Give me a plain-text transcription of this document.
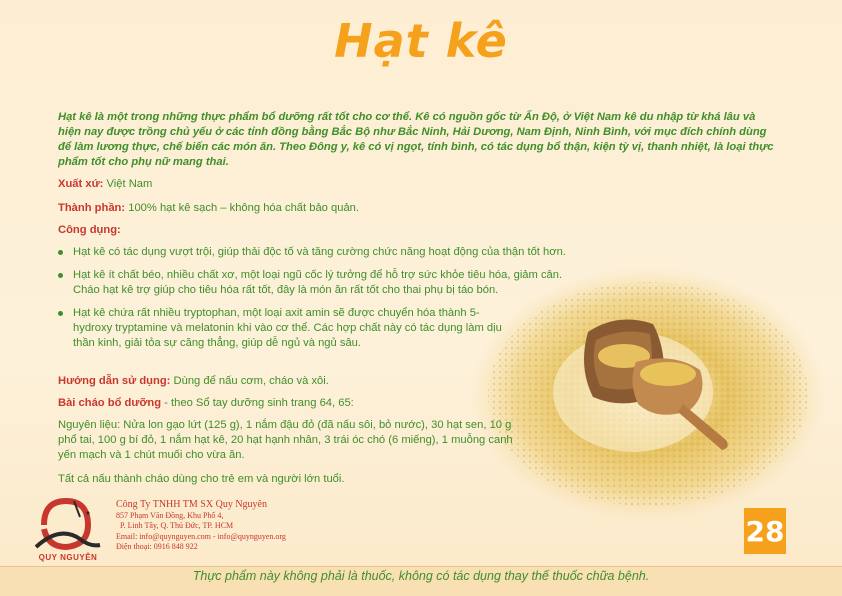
Hạt kê

Hạt kê là một trong những thực phẩm bổ dưỡng rất tốt cho cơ thể. Kê có nguồn gốc từ Ấn Độ, ở Việt Nam kê du nhập từ khá lâu và hiện nay được trồng chủ yếu ở các tỉnh đồng bằng Bắc Bộ như Bắc Ninh, Hải Dương, Nam Định, Ninh Bình, với mục đích chính dùng để làm lương thực, chế biến các món ăn. Theo Đông y, kê có vị ngọt, tính bình, có tác dụng bổ thận, kiện tỳ vị, thanh nhiệt, là loại thực phẩm tốt cho phụ nữ mang thai.

Xuất xứ: Việt Nam

Thành phần: 100% hạt kê sạch – không hóa chất bảo quản.

Công dụng:

Hạt kê có tác dụng vượt trội, giúp thải độc tố và tăng cường chức năng hoạt động của thận tốt hơn.
Hạt kê ít chất béo, nhiều chất xơ, một loại ngũ cốc lý tưởng để hỗ trợ sức khỏe tiêu hóa, giảm cân. Cháo hạt kê trợ giúp cho tiêu hóa rất tốt, đây là món ăn rất tốt cho thai phụ bị táo bón.
Hạt kê chứa rất nhiều tryptophan, một loại axit amin sẽ được chuyển hóa thành 5-hydroxy tryptamine và melatonin khi vào cơ thể. Các hợp chất này có tác dụng làm dịu thần kinh, giải tỏa sự căng thẳng, giúp dễ ngủ và ngủ sâu.

Hướng dẫn sử dụng: Dùng để nấu cơm, cháo và xôi.

Bài cháo bổ dưỡng - theo Sổ tay dưỡng sinh trang 64, 65:

Nguyên liệu: Nửa lon gạo lứt (125 g), 1 nắm đậu đỏ (đã nấu sôi, bỏ nước), 30 hạt sen, 10 g phổ tai, 100 g bí đỏ, 1 nắm hạt kê, 20 hạt hạnh nhân, 3 trái óc chó (6 miếng), 1 muỗng canh yến mạch và 1 chút muối cho vừa ăn.

Tất cả nấu thành cháo dùng cho trẻ em và người lớn tuổi.

QUY NGUYÊN
Công Ty TNHH TM SX Quy Nguyên
857 Phạm Văn Đồng, Khu Phố 4,
P. Linh Tây, Q. Thủ Đức, TP. HCM
Email: info@quynguyen.com - info@quynguyen.org
Điện thoại: 0916 848 922	28
Thực phẩm này không phải là thuốc, không có tác dụng thay thế thuốc chữa bệnh.
